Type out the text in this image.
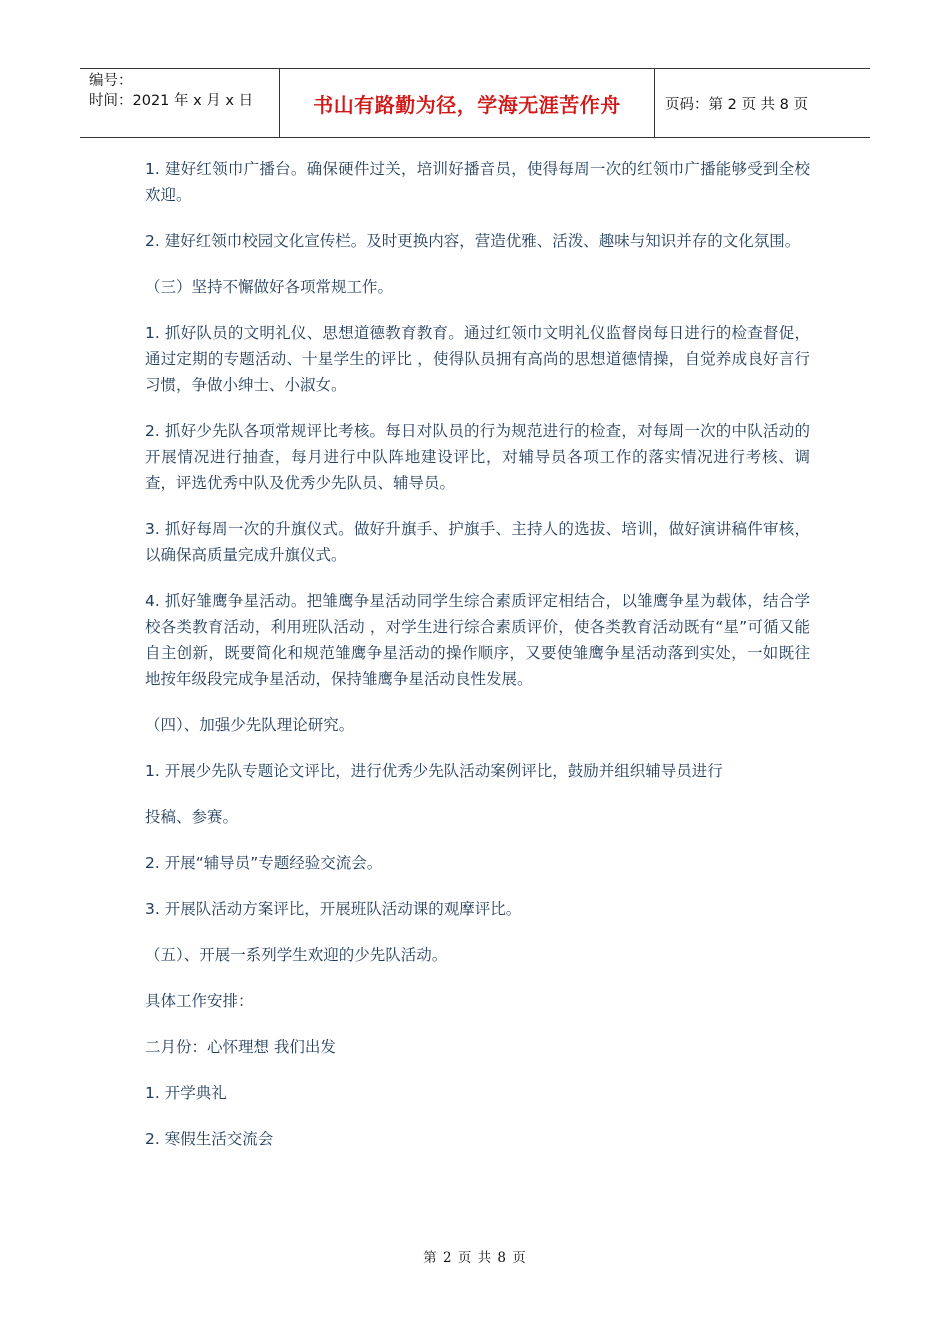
编号：
时间：2021 年 x 月 x 日	书山有路勤为径，学海无涯苦作舟	页码：第 2 页 共 8 页

1. 建好红领巾广播台。确保硬件过关，培训好播音员，使得每周一次的红领巾广播能够受到全校欢迎。

2. 建好红领巾校园文化宣传栏。及时更换内容，营造优雅、活泼、趣味与知识并存的文化氛围。

（三）坚持不懈做好各项常规工作。

1. 抓好队员的文明礼仪、思想道德教育教育。通过红领巾文明礼仪监督岗每日进行的检查督促，通过定期的专题活动、十星学生的评比 ，使得队员拥有高尚的思想道德情操，自觉养成良好言行习惯，争做小绅士、小淑女。

2. 抓好少先队各项常规评比考核。每日对队员的行为规范进行的检查，对每周一次的中队活动的开展情况进行抽查，每月进行中队阵地建设评比，对辅导员各项工作的落实情况进行考核、调查，评选优秀中队及优秀少先队员、辅导员。

3. 抓好每周一次的升旗仪式。做好升旗手、护旗手、主持人的选拔、培训，做好演讲稿件审核，以确保高质量完成升旗仪式。

4. 抓好雏鹰争星活动。把雏鹰争星活动同学生综合素质评定相结合，以雏鹰争星为载体，结合学校各类教育活动，利用班队活动 ，对学生进行综合素质评价，使各类教育活动既有“星”可循又能自主创新，既要简化和规范雏鹰争星活动的操作顺序，又要使雏鹰争星活动落到实处，一如既往地按年级段完成争星活动，保持雏鹰争星活动良性发展。

（四）、加强少先队理论研究。

1. 开展少先队专题论文评比，进行优秀少先队活动案例评比，鼓励并组织辅导员进行

投稿、参赛。

2. 开展“辅导员”专题经验交流会。

3. 开展队活动方案评比，开展班队活动课的观摩评比。

（五）、开展一系列学生欢迎的少先队活动。

具体工作安排：

二月份：心怀理想 我们出发

1. 开学典礼

2. 寒假生活交流会

第 2 页 共 8 页
